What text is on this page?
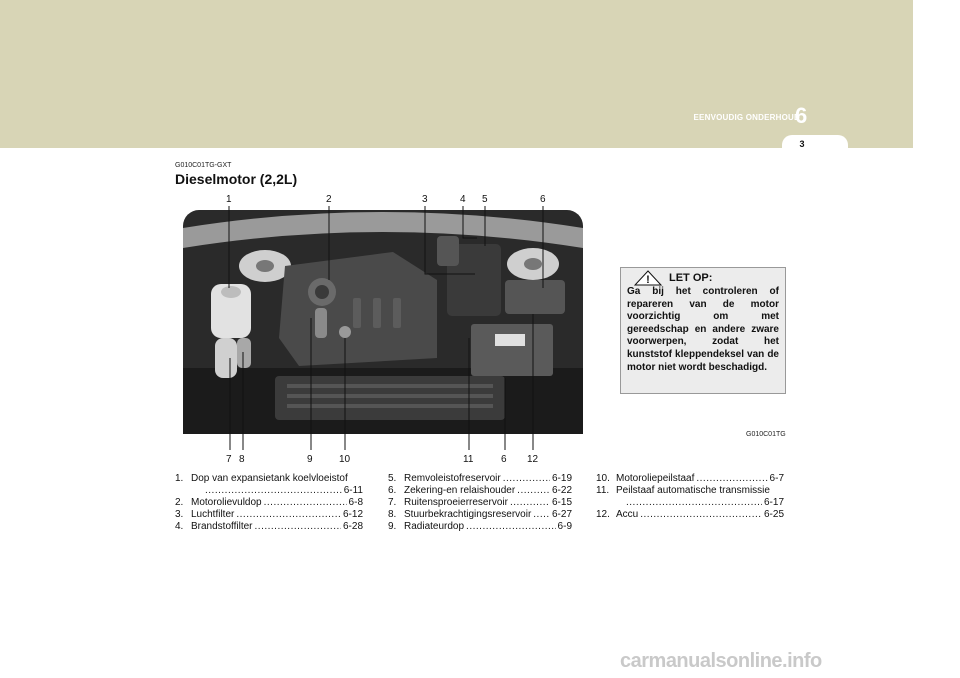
EENVOUDIG ONDERHOUD
6
3
G010C01TG-GXT
Dieselmotor (2,2L)
1	2	3	4 5	6
7 8	9	10	11	6 12
G010C01TG
! LET OP:
Ga bij het controleren of repareren van de motor voorzichtig om met gereedschap en andere zware voorwerpen, zodat het kunststof kleppendeksel van de motor niet wordt beschadigd.
1. Dop van expansietank koelvloeistof
.....
6-11
2. Motorolievuldop .....	6-8
3. Luchtfilter .....	6-12
4. Brandstoffilter .....	6-28
5. Remvoleistofreservoir .....	6-19
6. Zekering-en relaishouder .....	6-22
7. Ruitensproeierreservoir .....	6-15
8. Stuurbekrachtigingsreservoir ..... 6-27
9. Radiateurdop .....	6-9
10. Motoroliepeilstaaf .....	6-7
11. Peilstaaf automatische transmissie
.....
6-17
12. Accu .....	6-25
carmanualsonline.info
